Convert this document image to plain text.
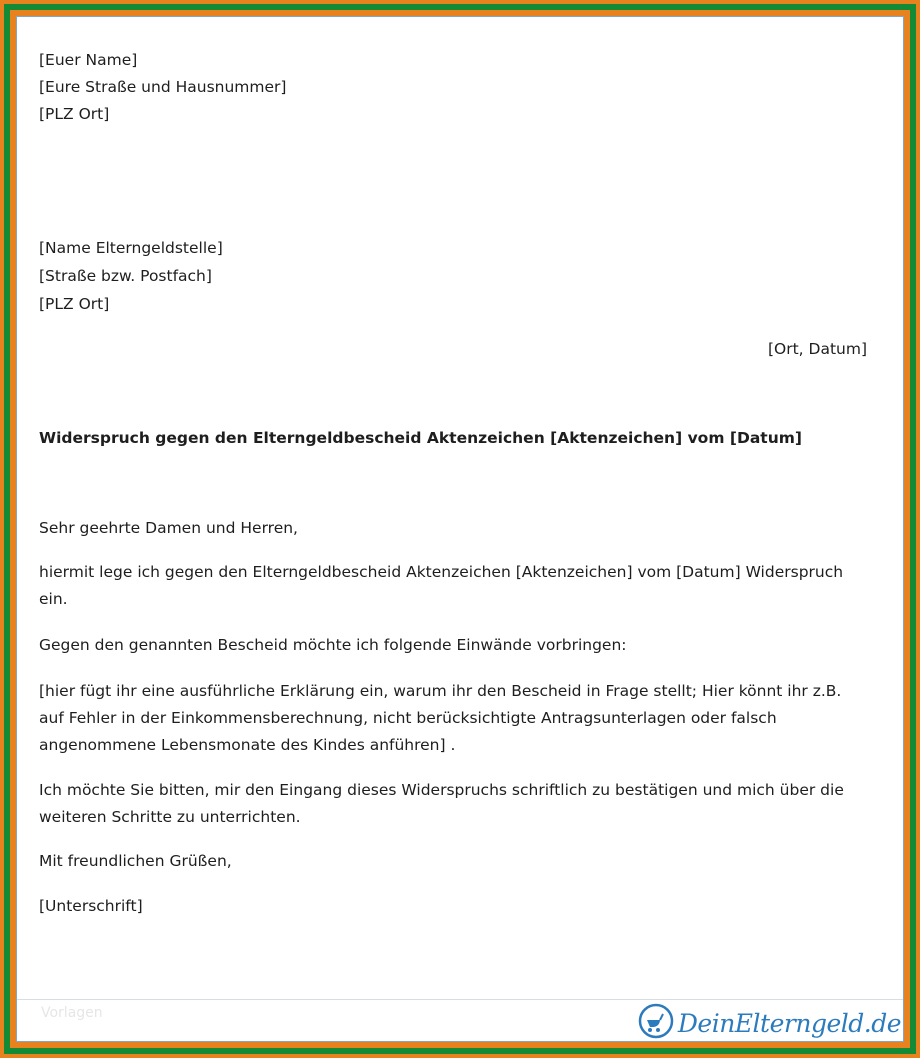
[Euer Name]
[Eure Straße und Hausnummer]
[PLZ Ort]
[Name Elterngeldstelle]
[Straße bzw. Postfach]
[PLZ Ort]
[Ort, Datum]
Widerspruch gegen den Elterngeldbescheid Aktenzeichen [Aktenzeichen] vom [Datum]
Sehr geehrte Damen und Herren,
hiermit lege ich gegen den Elterngeldbescheid Aktenzeichen [Aktenzeichen] vom [Datum] Widerspruch ein.
Gegen den genannten Bescheid möchte ich folgende Einwände vorbringen:
[hier fügt ihr eine ausführliche Erklärung ein, warum ihr den Bescheid in Frage stellt; Hier könnt ihr z.B. auf Fehler in der Einkommensberechnung, nicht berücksichtigte Antragsunterlagen oder falsch angenommene Lebensmonate des Kindes anführen] .
Ich möchte Sie bitten, mir den Eingang dieses Widerspruchs schriftlich zu bestätigen und mich über die weiteren Schritte zu unterrichten.
Mit freundlichen Grüßen,
[Unterschrift]
Vorlagen	DeinElterngeld.de
